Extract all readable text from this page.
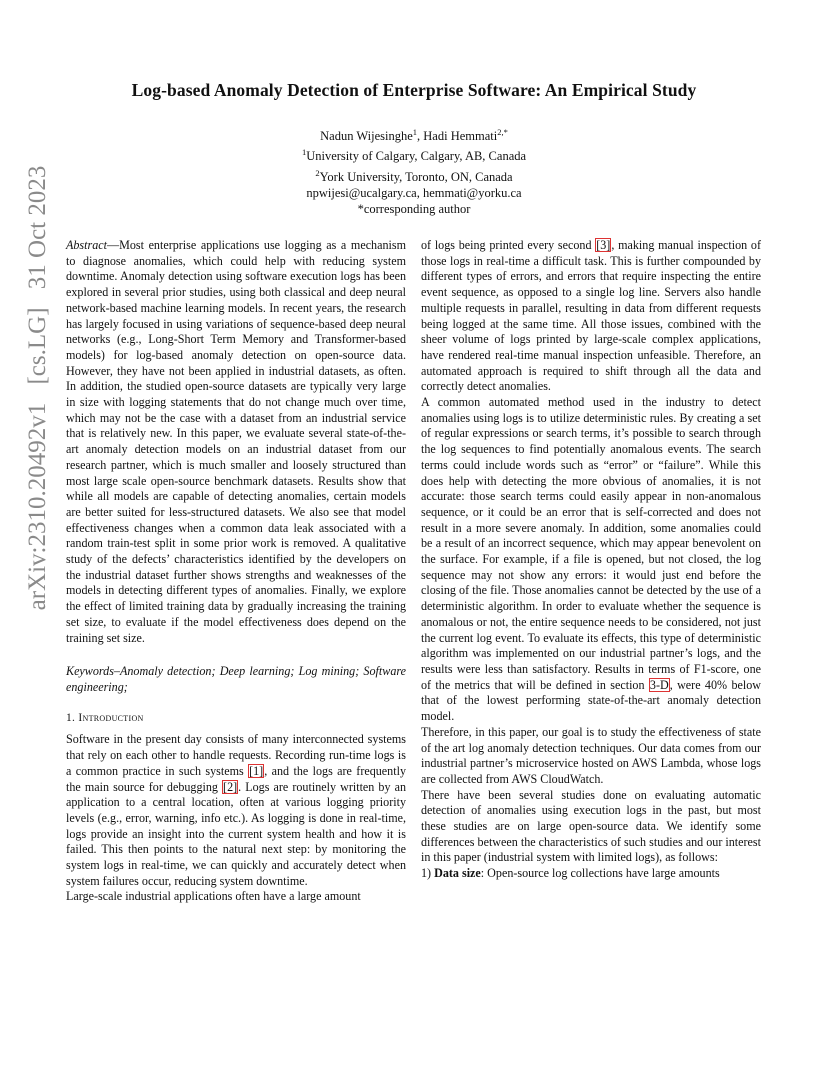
Log-based Anomaly Detection of Enterprise Software: An Empirical Study
Nadun Wijesinghe$^1$, Hadi Hemmati$^{2,*}$
$^1$University of Calgary, Calgary, AB, Canada
$^2$York University, Toronto, ON, Canada
npwijesi@ucalgary.ca, hemmati@yorku.ca
*corresponding author
arXiv:2310.20492v1 [cs.LG] 31 Oct 2023	Abstract—Most enterprise applications use logging as a mechanism to diagnose anomalies, which could help with reducing system downtime. Anomaly detection using software execution logs has been explored in several prior studies, using both classical and deep neural network-based machine learning models. In recent years, the research has largely focused in using variations of sequence-based deep neural networks (e.g., Long-Short Term Memory and Transformer-based models) for log-based anomaly detection on open-source data. However, they have not been applied in industrial datasets, as often. In addition, the studied open-source datasets are typically very large in size with logging statements that do not change much over time, which may not be the case with a dataset from an industrial service that is relatively new. In this paper, we evaluate several state-of-the-art anomaly detection models on an industrial dataset from our research partner, which is much smaller and loosely structured than most large scale open-source benchmark datasets. Results show that while all models are capable of detecting anomalies, certain models are better suited for less-structured datasets. We also see that model effectiveness changes when a common data leak associated with a random train-test split in some prior work is removed. A qualitative study of the defects’ characteristics identified by the developers on the industrial dataset further shows strengths and weaknesses of the models in detecting different types of anomalies. Finally, we explore the effect of limited training data by gradually increasing the training set size, to evaluate if the model effectiveness does depend on the training set size.

Keywords–Anomaly detection; Deep learning; Log mining; Software engineering;

1. Introduction

Software in the present day consists of many interconnected systems that rely on each other to handle requests. Recording run-time logs is a common practice in such systems [1], and the logs are frequently the main source for debugging [2]. Logs are routinely written by an application to a central location, often at various logging priority levels (e.g., error, warning, info etc.). As logging is done in real-time, logs provide an insight into the current system health and how it is failed. This then points to the natural next step: by monitoring the system logs in real-time, we can quickly and accurately detect when system failures occur, reducing system downtime.

Large-scale industrial applications often have a large amount

of logs being printed every second [3], making manual inspection of those logs in real-time a difficult task. This is further compounded by different types of errors, and errors that require inspecting the entire event sequence, as opposed to a single log line. Servers also handle multiple requests in parallel, resulting in data from different requests being logged at the same time. All those issues, combined with the sheer volume of logs printed by large-scale complex applications, have rendered real-time manual inspection unfeasible. Therefore, an automated approach is required to shift through all the data and correctly detect anomalies.

A common automated method used in the industry to detect anomalies using logs is to utilize deterministic rules. By creating a set of regular expressions or search terms, it’s possible to search through the log sequences to find potentially anomalous events. The search terms could include words such as “error” or “failure”. While this does help with detecting the more obvious of anomalies, it is not accurate: those search terms could easily appear in non-anomalous sequence, or it could be an error that is self-corrected and does not result in a more severe anomaly. In addition, some anomalies could be a result of an incorrect sequence, which may appear benevolent on the surface. For example, if a file is opened, but not closed, the log sequence may not show any errors: it would just end before the closing of the file. Those anomalies cannot be detected by the use of a deterministic algorithm. In order to evaluate whether the sequence is anomalous or not, the entire sequence needs to be considered, not just the current log event. To evaluate its effects, this type of deterministic algorithm was implemented on our industrial partner’s logs, and the results were less than satisfactory. Results in terms of F1-score, one of the metrics that will be defined in section 3-D, were 40% below that of the lowest performing state-of-the-art anomaly detection model.

Therefore, in this paper, our goal is to study the effectiveness of state of the art log anomaly detection techniques. Our data comes from our industrial partner’s microservice hosted on AWS Lambda, whose logs are collected from AWS CloudWatch.

There have been several studies done on evaluating automatic detection of anomalies using execution logs in the past, but most these studies are on large open-source data. We identify some differences between the characteristics of such studies and our interest in this paper (industrial system with limited logs), as follows:

1) Data size: Open-source log collections have large amounts
